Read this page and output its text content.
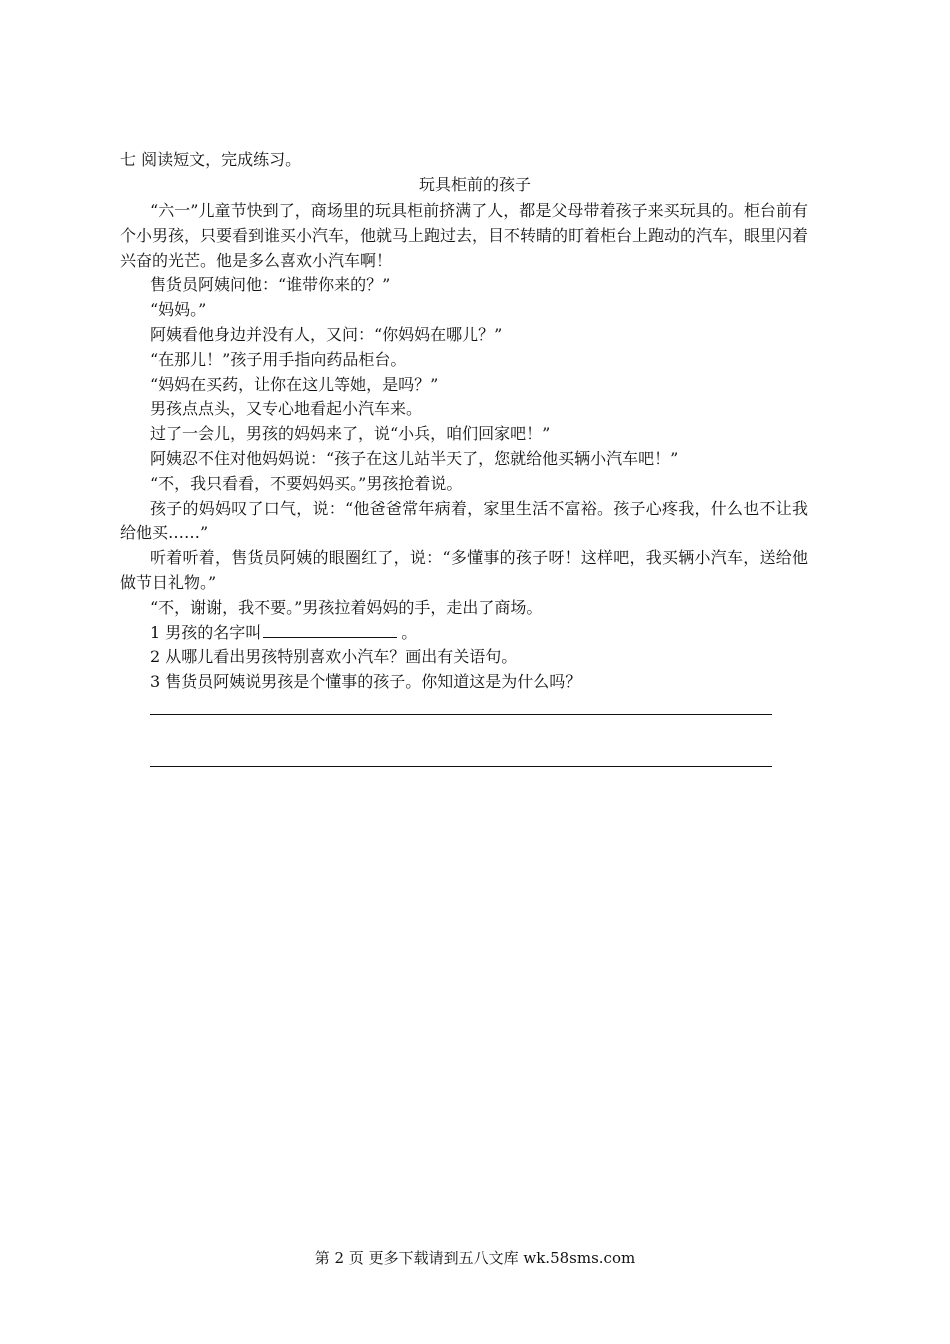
七 阅读短文，完成练习。
玩具柜前的孩子

“六一”儿童节快到了，商场里的玩具柜前挤满了人，都是父母带着孩子来买玩具的。柜台前有个小男孩，只要看到谁买小汽车，他就马上跑过去，目不转睛的盯着柜台上跑动的汽车，眼里闪着兴奋的光芒。他是多么喜欢小汽车啊！

售货员阿姨问他：“谁带你来的？”

“妈妈。”

阿姨看他身边并没有人，又问：“你妈妈在哪儿？”

“在那儿！”孩子用手指向药品柜台。

“妈妈在买药，让你在这儿等她，是吗？”

男孩点点头，又专心地看起小汽车来。

过了一会儿，男孩的妈妈来了，说“小兵，咱们回家吧！”

阿姨忍不住对他妈妈说：“孩子在这儿站半天了，您就给他买辆小汽车吧！”

“不，我只看看，不要妈妈买。”男孩抢着说。

孩子的妈妈叹了口气，说：“他爸爸常年病着，家里生活不富裕。孩子心疼我，什么也不让我给他买……”

听着听着，售货员阿姨的眼圈红了，说：“多懂事的孩子呀！这样吧，我买辆小汽车，送给他做节日礼物。”

“不，谢谢，我不要。”男孩拉着妈妈的手，走出了商场。

1 男孩的名字叫	。

2 从哪儿看出男孩特别喜欢小汽车？画出有关语句。

3 售货员阿姨说男孩是个懂事的孩子。你知道这是为什么吗？

第 2 页 更多下载请到五八文库 wk.58sms.com
